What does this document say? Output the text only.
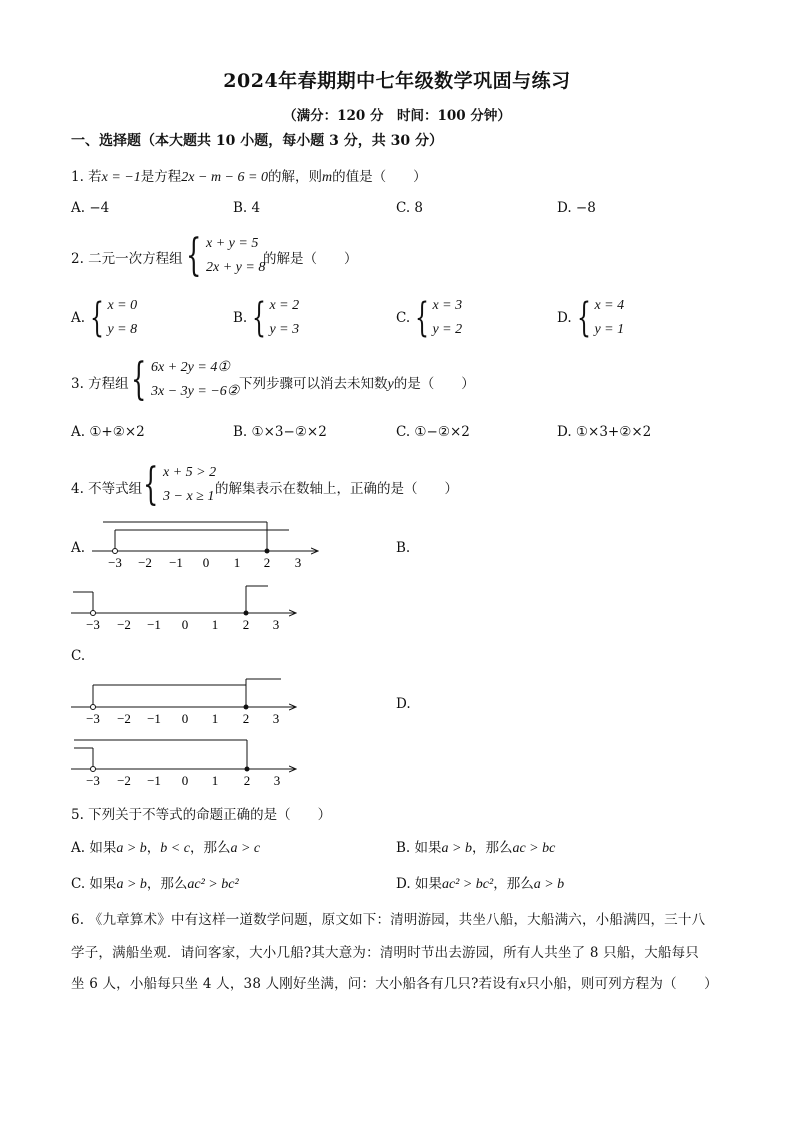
2024年春期期中七年级数学巩固与练习
（满分：120 分　时间：100 分钟）
一、选择题（本大题共 10 小题，每小题 3 分，共 30 分）
1. 若x = −1是方程2x − m − 6 = 0的解，则m的值是（　　）
A. −4	B. 4	C. 8	D. −8
2. 二元一次方程组 { x + y = 5
2x + y = 8
的解是（　　）
A. { x = 0
y = 8
B. { x = 2
y = 3
C. { x = 3
y = 2
D. { x = 4
y = 1
3. 方程组 { 6x + 2y = 4①
3x − 3y = −6② 下列步骤可以消去未知数y的是（　　）
A. ①+②×2	B. ①×3−②×2	C. ①−②×2	D. ①×3+②×2
4. 不等式组 { x + 5 > 2
3 − x ≥ 1 的解集表示在数轴上，正确的是（　　）
A.	B.
C.
D.
−3 −2 −1 0 1 2 3
−3 −2 −1 0 1 2 3
−3 −2 −1 0 1 2 3
−3 −2 −1 0 1 2 3
5. 下列关于不等式的命题正确的是（　　）
A. 如果a > b，b < c，那么a > c	B. 如果a > b，那么ac > bc
C. 如果a > b，那么ac² > bc²	D. 如果ac² > bc²，那么a > b
6. 《九章算术》中有这样一道数学问题，原文如下：清明游园，共坐八船，大船满六，小船满四，三十八
学子，满船坐观．请问客家，大小几船?其大意为：清明时节出去游园，所有人共坐了 8 只船，大船每只
坐 6 人，小船每只坐 4 人，38 人刚好坐满，问：大小船各有几只?若设有x只小船，则可列方程为（　　）
